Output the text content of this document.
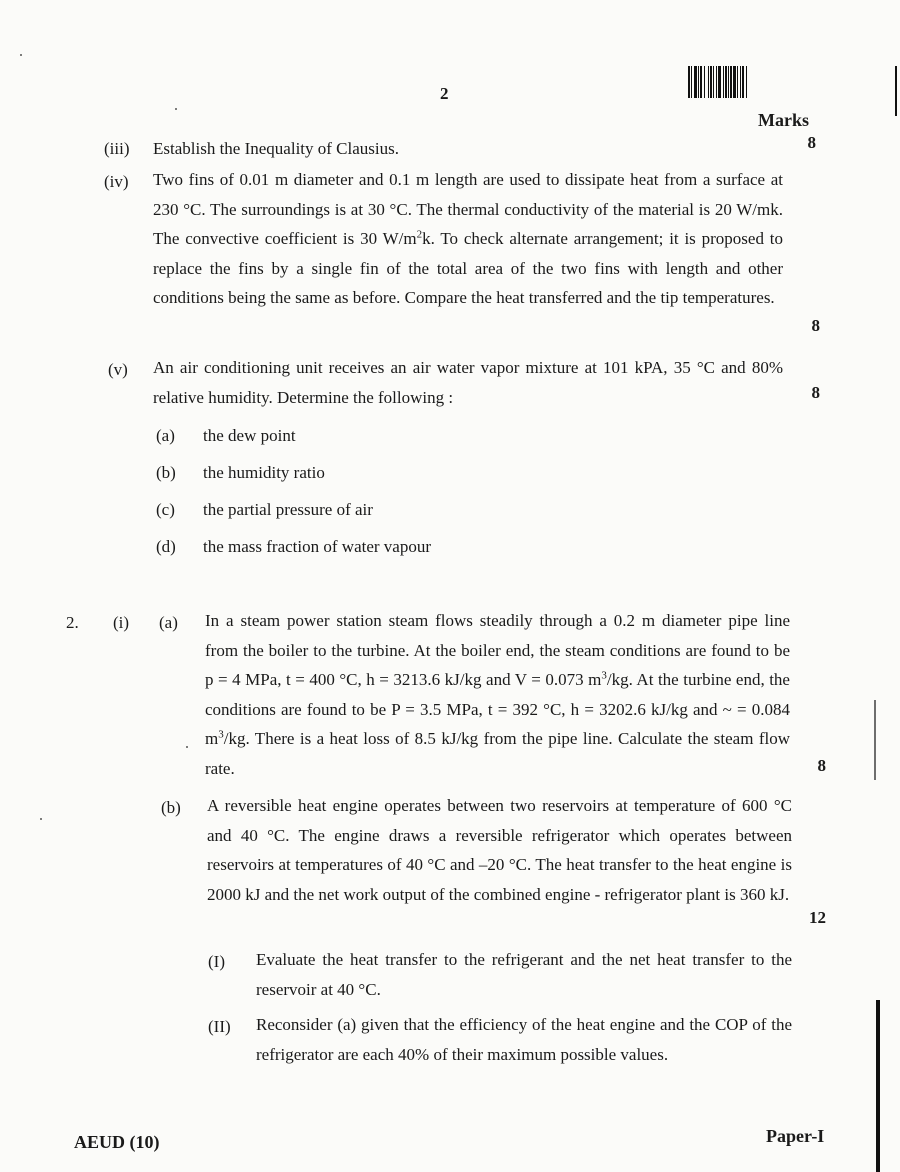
2
Marks
(iii) Establish the Inequality of Clausius.	8
(iv) Two fins of 0.01 m diameter and 0.1 m length are used to dissipate heat from a surface at 230 °C. The surroundings is at 30 °C. The thermal conductivity of the material is 20 W/mk. The convective coefficient is 30 $W/m^2k$. To check alternate arrangement; it is proposed to replace the fins by a single fin of the total area of the two fins with length and other conditions being the same as before. Compare the heat transferred and the tip temperatures.
8
(v) An air conditioning unit receives an air water vapor mixture at 101 kPA, 35 °C and 80% relative humidity. Determine the following :	8
(a) the dew point
(b) the humidity ratio
(c) the partial pressure of air
(d) the mass fraction of water vapour
2. (i) (a) In a steam power station steam flows steadily through a 0.2 m diameter pipe line from the boiler to the turbine. At the boiler end, the steam conditions are found to be p = 4 MPa, t = 400 °C, h = 3213.6 kJ/kg and V = 0.073 $m^3/kg$. At the turbine end, the conditions are found to be P = 3.5 MPa, t = 392 °C, h = 3202.6 kJ/kg and ~ = 0.084 $m^3/kg$. There is a heat loss of 8.5 kJ/kg from the pipe line. Calculate the steam flow rate.	8
(b) A reversible heat engine operates between two reservoirs at temperature of 600 °C and 40 °C. The engine draws a reversible refrigerator which operates between reservoirs at temperatures of 40 °C and –20 °C. The heat transfer to the heat engine is 2000 kJ and the net work output of the combined engine - refrigerator plant is 360 kJ.
12
(I) Evaluate the heat transfer to the refrigerant and the net heat transfer to the reservoir at 40 °C.
(II) Reconsider (a) given that the efficiency of the heat engine and the COP of the refrigerator are each 40% of their maximum possible values.
AEUD (10)	Paper-I
